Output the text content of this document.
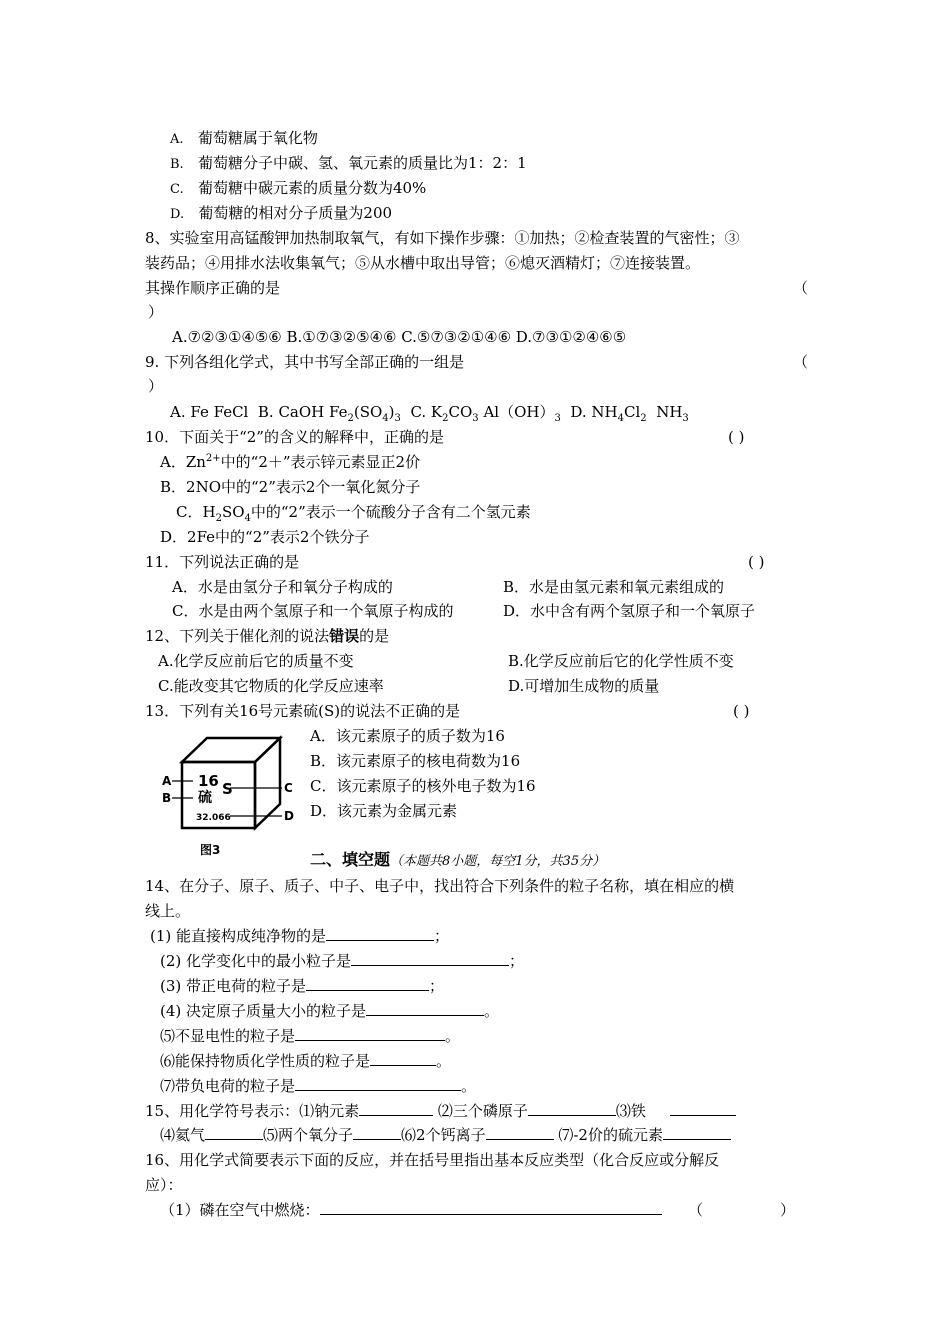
A. 葡萄糖属于氧化物
B. 葡萄糖分子中碳、氢、氧元素的质量比为1：2：1
C. 葡萄糖中碳元素的质量分数为40%
D. 葡萄糖的相对分子质量为200
8、实验室用高锰酸钾加热制取氧气，有如下操作步骤：①加热；②检查装置的气密性；③
装药品；④用排水法收集氧气；⑤从水槽中取出导管；⑥熄灭酒精灯；⑦连接装置。
其操作顺序正确的是	（
）
A.⑦②③①④⑤⑥ B.①⑦③②⑤④⑥ C.⑤⑦③②①④⑥ D.⑦③①②④⑥⑤
9. 下列各组化学式，其中书写全部正确的一组是	（
）
A. Fe FeCl B. CaOH $Fe_2(SO_4)_3$ C. $K_2CO_3$ $Al(OH)_3$ D. $NH_4Cl_2$ $NH_3$
10．下面关于“2”的含义的解释中，正确的是	( )
A．$Zn^{2+}$中的“2＋”表示锌元素显正2价
B．2NO中的“2”表示2个一氧化氮分子
C．$H_2SO_4$中的“2”表示一个硫酸分子含有二个氢元素
D．2Fe中的“2”表示2个铁分子
11．下列说法正确的是	( )
A．水是由氢分子和氧分子构成的	B．水是由氢元素和氧元素组成的
C．水是由两个氢原子和一个氧原子构成的	D．水中含有两个氢原子和一个氧原子
12、下列关于催化剂的说法错误的是
A.化学反应前后它的质量不变	B.化学反应前后它的化学性质不变
C.能改变其它物质的化学反应速率	D.可增加生成物的质量
13．下列有关16号元素硫(S)的说法不正确的是	( )
A．该元素原子的质子数为16
B．该元素原子的核电荷数为16
C．该元素原子的核外电子数为16
D．该元素为金属元素
A
B
C
D
16 S
硫
32.066
图3	二、填空题（本题共8小题，每空1分，共35分）
14、在分子、原子、质子、中子、电子中，找出符合下列条件的粒子名称，填在相应的横
线上。
(1) 能直接构成纯净物的是	；
(2) 化学变化中的最小粒子是	；
(3) 带正电荷的粒子是	；
(4) 决定原子质量大小的粒子是	。
⑸不显电性的粒子是	。
⑹能保持物质化学性质的粒子是	。
⑺带负电荷的粒子是	。
15、用化学符号表示：⑴钠元素	⑵三个磷原子	⑶铁
⑷氦气	⑸两个氧分子	⑹2个钙离子	⑺-2价的硫元素
16、用化学式简要表示下面的反应，并在括号里指出基本反应类型（化合反应或分解反
应）：
（1）磷在空气中燃烧：	（	）
